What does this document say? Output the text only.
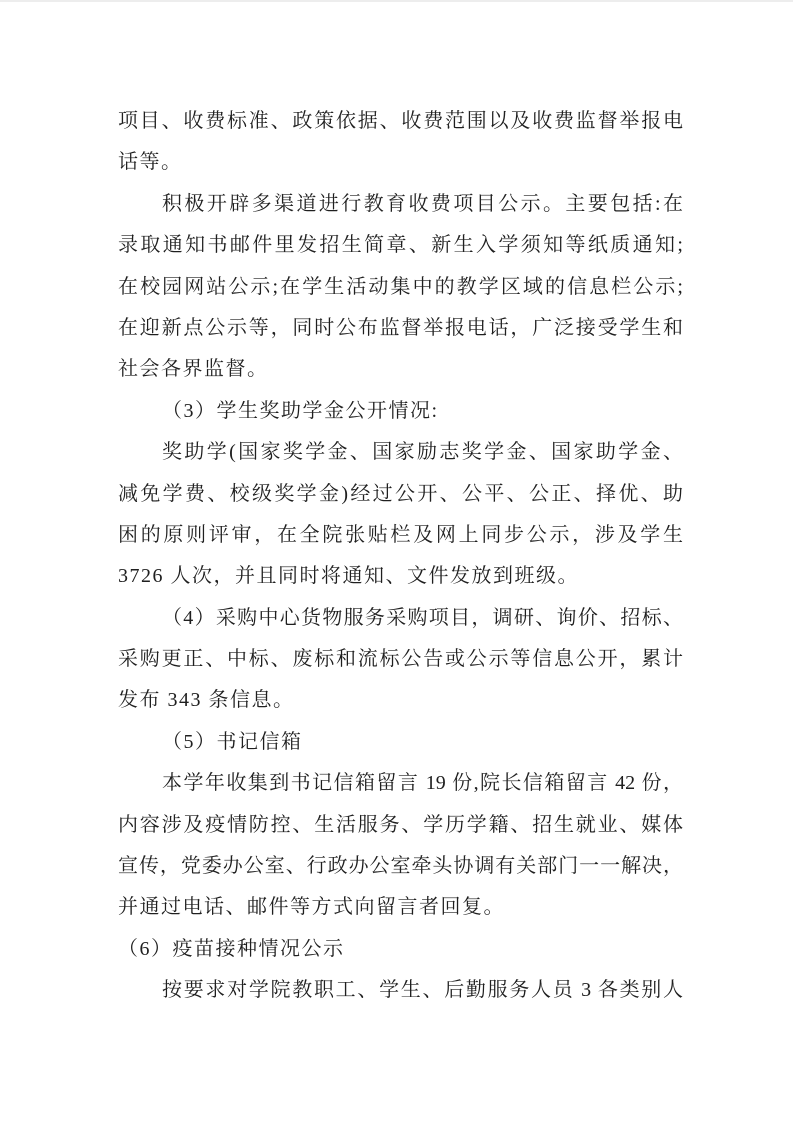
项目、收费标准、政策依据、收费范围以及收费监督举报电
话等。
积极开辟多渠道进行教育收费项目公示。主要包括:在
录取通知书邮件里发招生简章、新生入学须知等纸质通知;
在校园网站公示;在学生活动集中的教学区域的信息栏公示;
在迎新点公示等，同时公布监督举报电话，广泛接受学生和
社会各界监督。
（3）学生奖助学金公开情况:
奖助学(国家奖学金、国家励志奖学金、国家助学金、
减免学费、校级奖学金)经过公开、公平、公正、择优、助
困的原则评审，在全院张贴栏及网上同步公示，涉及学生
3726 人次，并且同时将通知、文件发放到班级。
（4）采购中心货物服务采购项目，调研、询价、招标、
采购更正、中标、废标和流标公告或公示等信息公开，累计
发布 343 条信息。
（5）书记信箱
本学年收集到书记信箱留言 19 份,院长信箱留言 42 份，
内容涉及疫情防控、生活服务、学历学籍、招生就业、媒体
宣传，党委办公室、行政办公室牵头协调有关部门一一解决，
并通过电话、邮件等方式向留言者回复。
（6）疫苗接种情况公示
按要求对学院教职工、学生、后勤服务人员 3 各类别人
